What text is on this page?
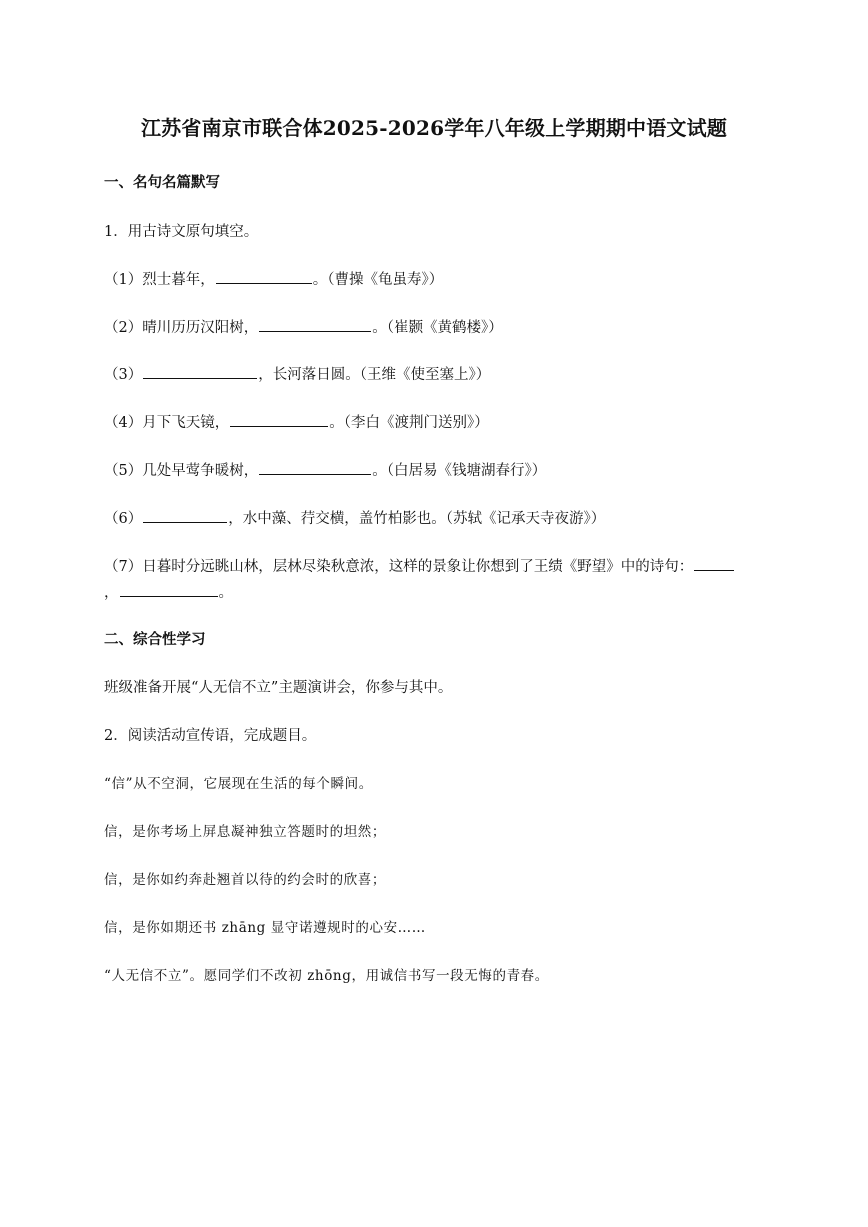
江苏省南京市联合体2025-2026学年八年级上学期期中语文试题
一、名句名篇默写
1．用古诗文原句填空。
（1）烈士暮年，	。（曹操《龟虽寿》）
（2）晴川历历汉阳树，	。（崔颢《黄鹤楼》）
（3）	，长河落日圆。（王维《使至塞上》）
（4）月下飞天镜，	。（李白《渡荆门送别》）
（5）几处早莺争暖树，	。（白居易《钱塘湖春行》）
（6）	，水中藻、荇交横，盖竹柏影也。（苏轼《记承天寺夜游》）
（7）日暮时分远眺山林，层林尽染秋意浓，这样的景象让你想到了王绩《野望》中的诗句：
，	。
二、综合性学习
班级准备开展“人无信不立”主题演讲会，你参与其中。
2．阅读活动宣传语，完成题目。
“信”从不空洞，它展现在生活的每个瞬间。
信，是你考场上屏息凝神独立答题时的坦然；
信，是你如约奔赴翘首以待的约会时的欣喜；
信，是你如期还书 zhāng 显守诺遵规时的心安……
“人无信不立”。愿同学们不改初 zhōng，用诚信书写一段无悔的青春。
